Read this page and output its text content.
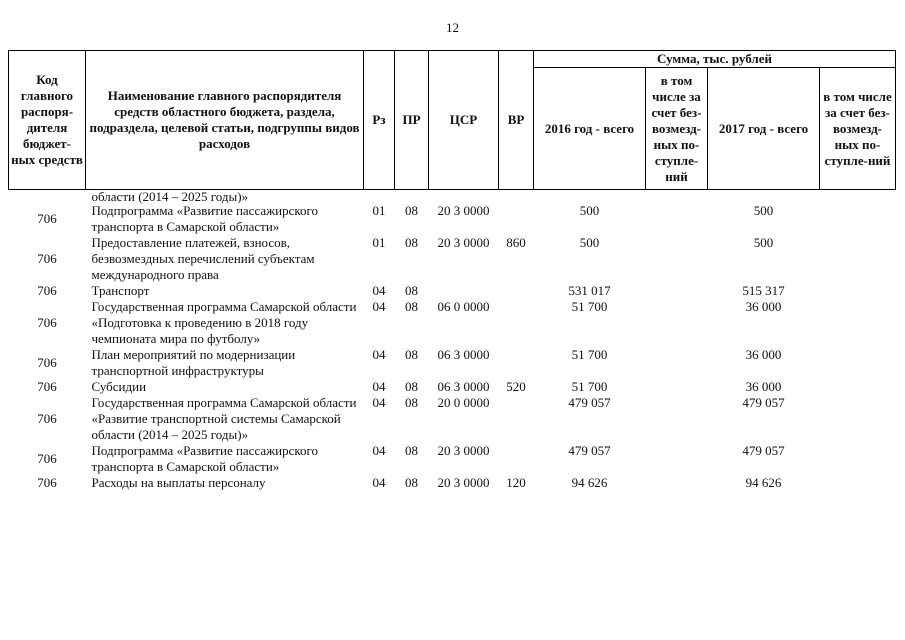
12
Код главного распоря-дителя бюджет-ных средств	Наименование главного распорядителя средств областного бюджета, раздела, подраздела, целевой статьи, подгруппы видов расходов	Рз	ПР	ЦСР	ВР	Сумма, тыс. рублей			
						2016 год - всего	в том числе за счет без-возмезд-ных по-ступле-ний	2017 год - всего	в том числе за счет без-возмезд-ных по-ступле-ний
	области (2014 – 2025 годы)»								
706	Подпрограмма «Развитие пассажирского транспорта в Самарской области»	01	08	20 3 0000		500		500	
706	Предоставление платежей, взносов, безвозмездных перечислений субъектам международного права	01	08	20 3 0000	860	500		500	
706	Транспорт	04	08			531 017		515 317	
706	Государственная программа Самарской области «Подготовка к проведению в 2018 году чемпионата мира по футболу»	04	08	06 0 0000		51 700		36 000	
706	План мероприятий по модернизации транспортной инфраструктуры	04	08	06 3 0000		51 700		36 000	
706	Субсидии	04	08	06 3 0000	520	51 700		36 000	
706	Государственная программа Самарской области «Развитие транспортной системы Самарской области (2014 – 2025 годы)»	04	08	20 0 0000		479 057		479 057	
706	Подпрограмма «Развитие пассажирского транспорта в Самарской области»	04	08	20 3 0000		479 057		479 057	
706	Расходы на выплаты персоналу	04	08	20 3 0000	120	94 626		94 626	
